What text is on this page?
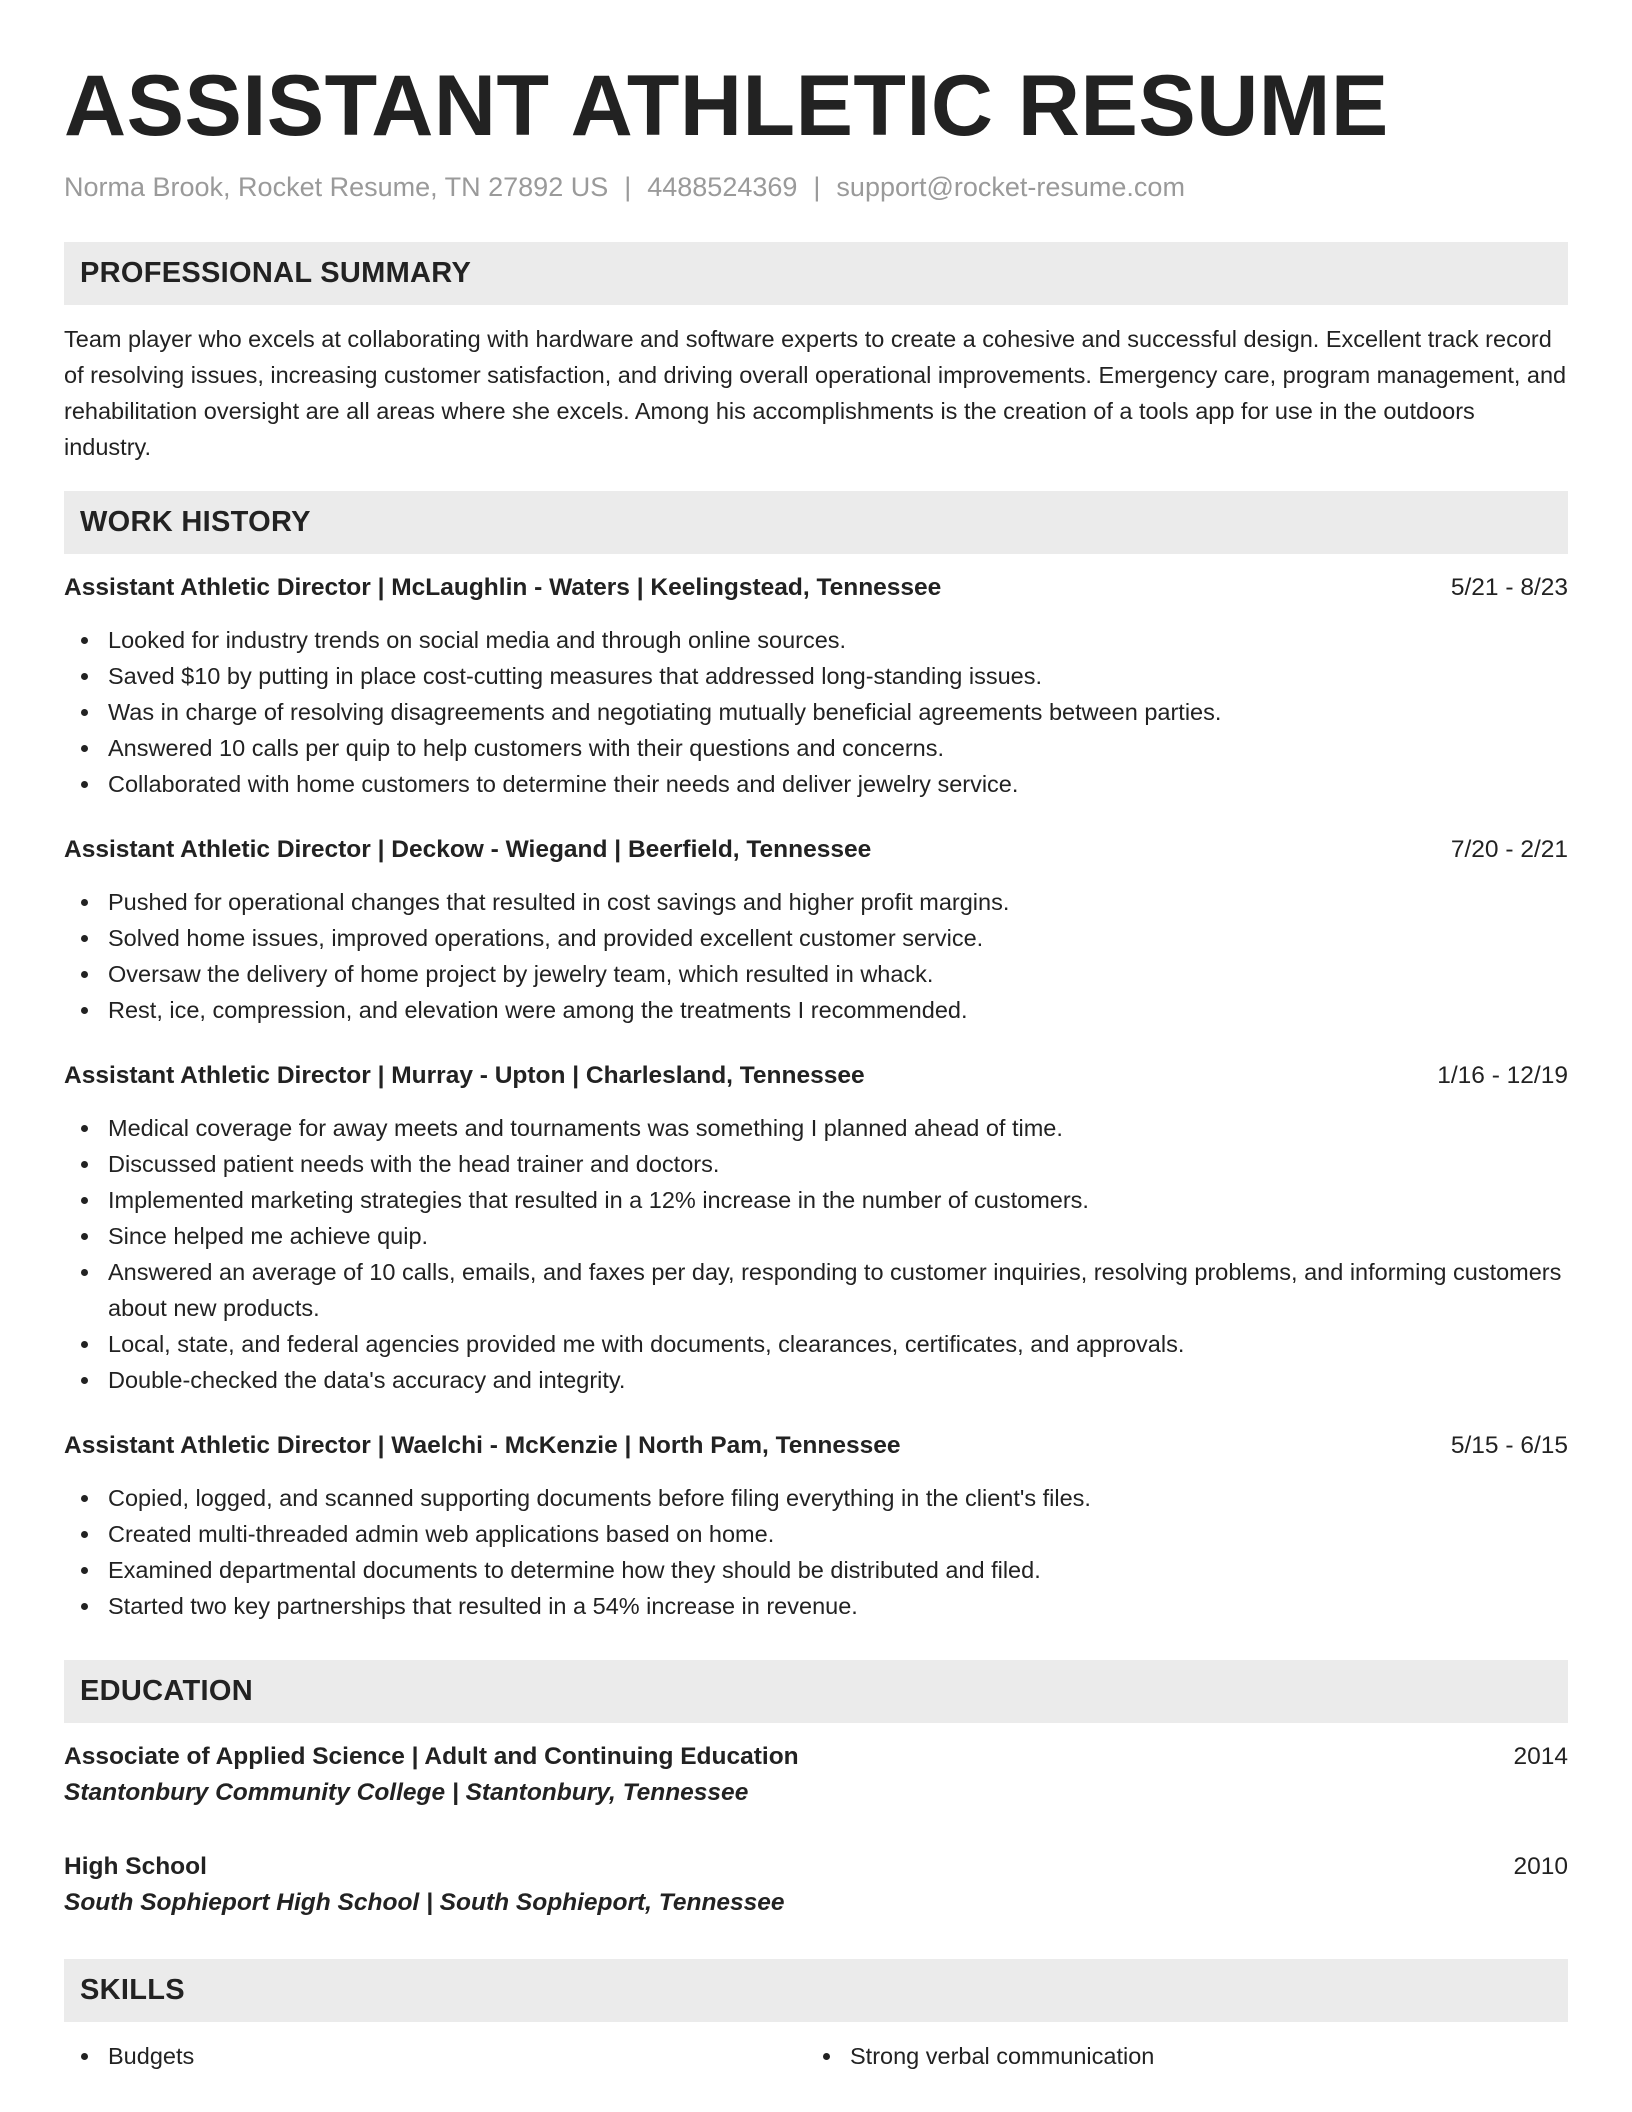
ASSISTANT ATHLETIC RESUME
Norma Brook, Rocket Resume, TN 27892 US | 4488524369 | support@rocket-resume.com
PROFESSIONAL SUMMARY

Team player who excels at collaborating with hardware and software experts to create a cohesive and successful design. Excellent track record of resolving issues, increasing customer satisfaction, and driving overall operational improvements. Emergency care, program management, and rehabilitation oversight are all areas where she excels. Among his accomplishments is the creation of a tools app for use in the outdoors industry.

WORK HISTORY
Assistant Athletic Director | McLaughlin - Waters | Keelingstead, Tennessee	5/21 - 8/23
Looked for industry trends on social media and through online sources.
Saved $10 by putting in place cost-cutting measures that addressed long-standing issues.
Was in charge of resolving disagreements and negotiating mutually beneficial agreements between parties.
Answered 10 calls per quip to help customers with their questions and concerns.
Collaborated with home customers to determine their needs and deliver jewelry service.
Assistant Athletic Director | Deckow - Wiegand | Beerfield, Tennessee	7/20 - 2/21
Pushed for operational changes that resulted in cost savings and higher profit margins.
Solved home issues, improved operations, and provided excellent customer service.
Oversaw the delivery of home project by jewelry team, which resulted in whack.
Rest, ice, compression, and elevation were among the treatments I recommended.
Assistant Athletic Director | Murray - Upton | Charlesland, Tennessee	1/16 - 12/19
Medical coverage for away meets and tournaments was something I planned ahead of time.
Discussed patient needs with the head trainer and doctors.
Implemented marketing strategies that resulted in a 12% increase in the number of customers.
Since helped me achieve quip.
Answered an average of 10 calls, emails, and faxes per day, responding to customer inquiries, resolving problems, and informing customers about new products.
Local, state, and federal agencies provided me with documents, clearances, certificates, and approvals.
Double-checked the data's accuracy and integrity.
Assistant Athletic Director | Waelchi - McKenzie | North Pam, Tennessee	5/15 - 6/15
Copied, logged, and scanned supporting documents before filing everything in the client's files.
Created multi-threaded admin web applications based on home.
Examined departmental documents to determine how they should be distributed and filed.
Started two key partnerships that resulted in a 54% increase in revenue.
EDUCATION
Associate of Applied Science | Adult and Continuing Education	2014
Stantonbury Community College | Stantonbury, Tennessee
High School	2010
South Sophieport High School | South Sophieport, Tennessee
SKILLS
Budgets	Strong verbal communication
